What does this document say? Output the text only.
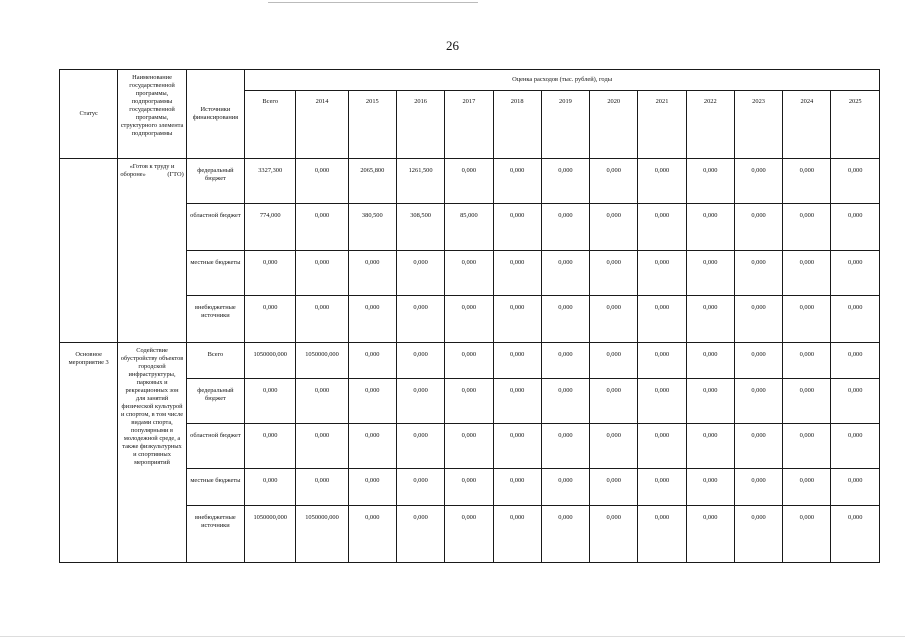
26
Статус	Наименование государственной программы, подпрограммы государственной программы, структурного элемента подпрограммы	Источники финансирования	Оценка расходов (тыс. рублей), годы												
			Всего	2014	2015	2016	2017	2018	2019	2020	2021	2022	2023	2024	2025
	«Готов к труду и обороне» (ГТО)	федеральный бюджет	3327,300	0,000	2065,800	1261,500	0,000	0,000	0,000	0,000	0,000	0,000	0,000	0,000	0,000
		областной бюджет	774,000	0,000	380,500	308,500	85,000	0,000	0,000	0,000	0,000	0,000	0,000	0,000	0,000
		местные бюджеты	0,000	0,000	0,000	0,000	0,000	0,000	0,000	0,000	0,000	0,000	0,000	0,000	0,000
		внебюджетные источники	0,000	0,000	0,000	0,000	0,000	0,000	0,000	0,000	0,000	0,000	0,000	0,000	0,000
Основное мероприятие 3	Содействие обустройству объектов городской инфраструктуры, парковых и рекреационных зон для занятий физической культурой и спортом, в том числе видами спорта, популярными в молодежной среде, а также физкультурных и спортивных мероприятий	Всего	1050000,000	1050000,000	0,000	0,000	0,000	0,000	0,000	0,000	0,000	0,000	0,000	0,000	0,000
		федеральный бюджет	0,000	0,000	0,000	0,000	0,000	0,000	0,000	0,000	0,000	0,000	0,000	0,000	0,000
		областной бюджет	0,000	0,000	0,000	0,000	0,000	0,000	0,000	0,000	0,000	0,000	0,000	0,000	0,000
		местные бюджеты	0,000	0,000	0,000	0,000	0,000	0,000	0,000	0,000	0,000	0,000	0,000	0,000	0,000
		внебюджетные источники	1050000,000	1050000,000	0,000	0,000	0,000	0,000	0,000	0,000	0,000	0,000	0,000	0,000	0,000
